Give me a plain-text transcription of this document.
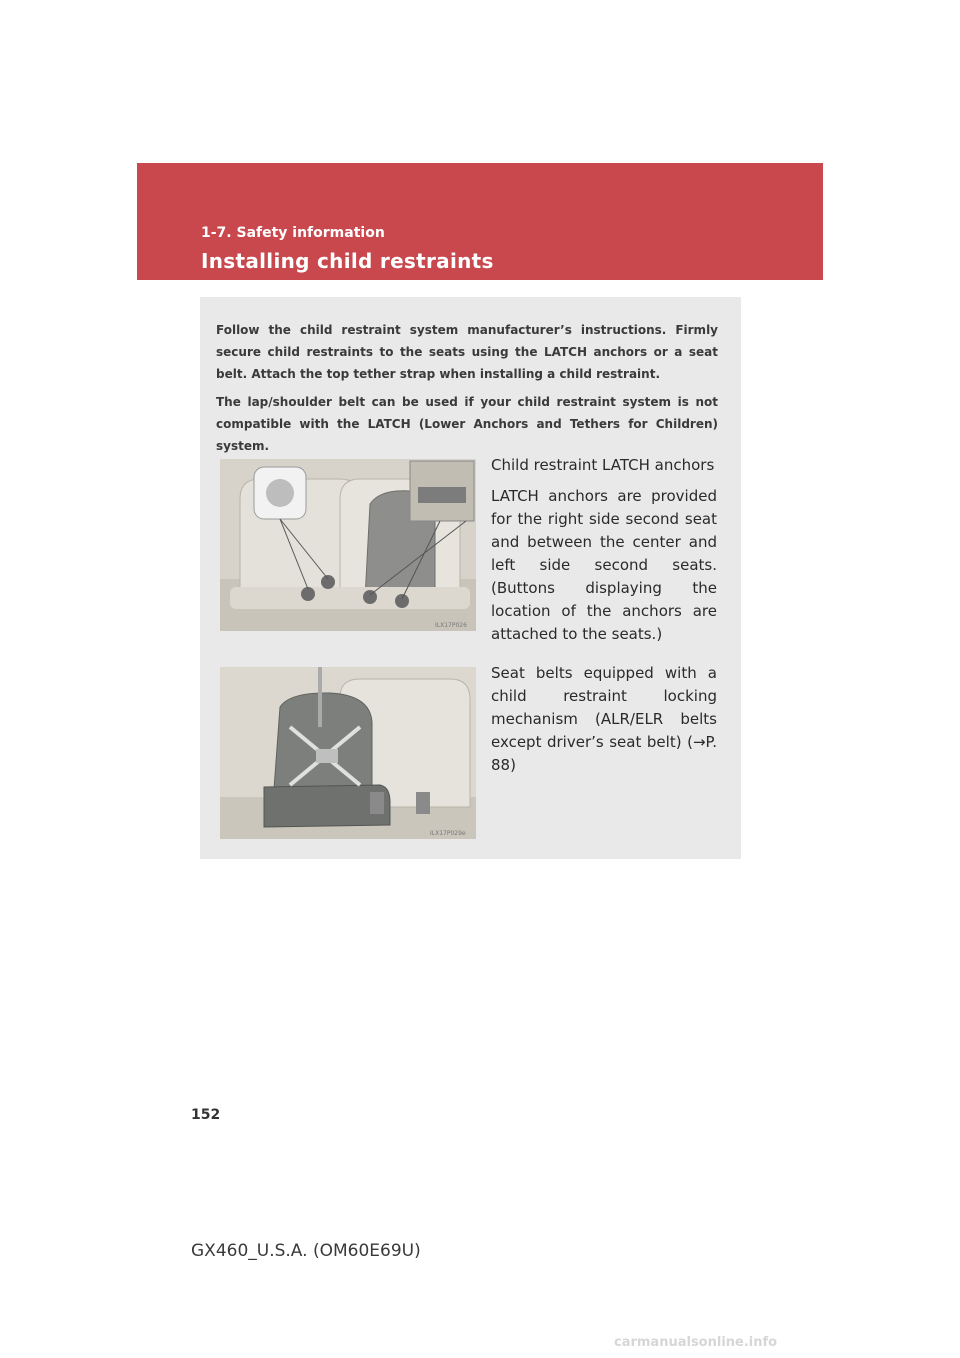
1-7. Safety information
Installing child restraints

Follow the child restraint system manufacturer’s instructions. Firmly secure child restraints to the seats using the LATCH anchors or a seat belt. Attach the top tether strap when installing a child restraint.

The lap/shoulder belt can be used if your child restraint system is not compatible with the LATCH (Lower Anchors and Tethers for Children) system.

ILX17P026
Child restraint LATCH anchors
LATCH anchors are provided for the right side second seat and between the center and left side second seats. (Buttons displaying the location of the anchors are attached to the seats.)
ILX17P029e
Seat belts equipped with a child restraint locking mechanism (ALR/ELR belts except driver’s seat belt) (→P. 88)
152
GX460_U.S.A. (OM60E69U)
carmanualsonline.info
